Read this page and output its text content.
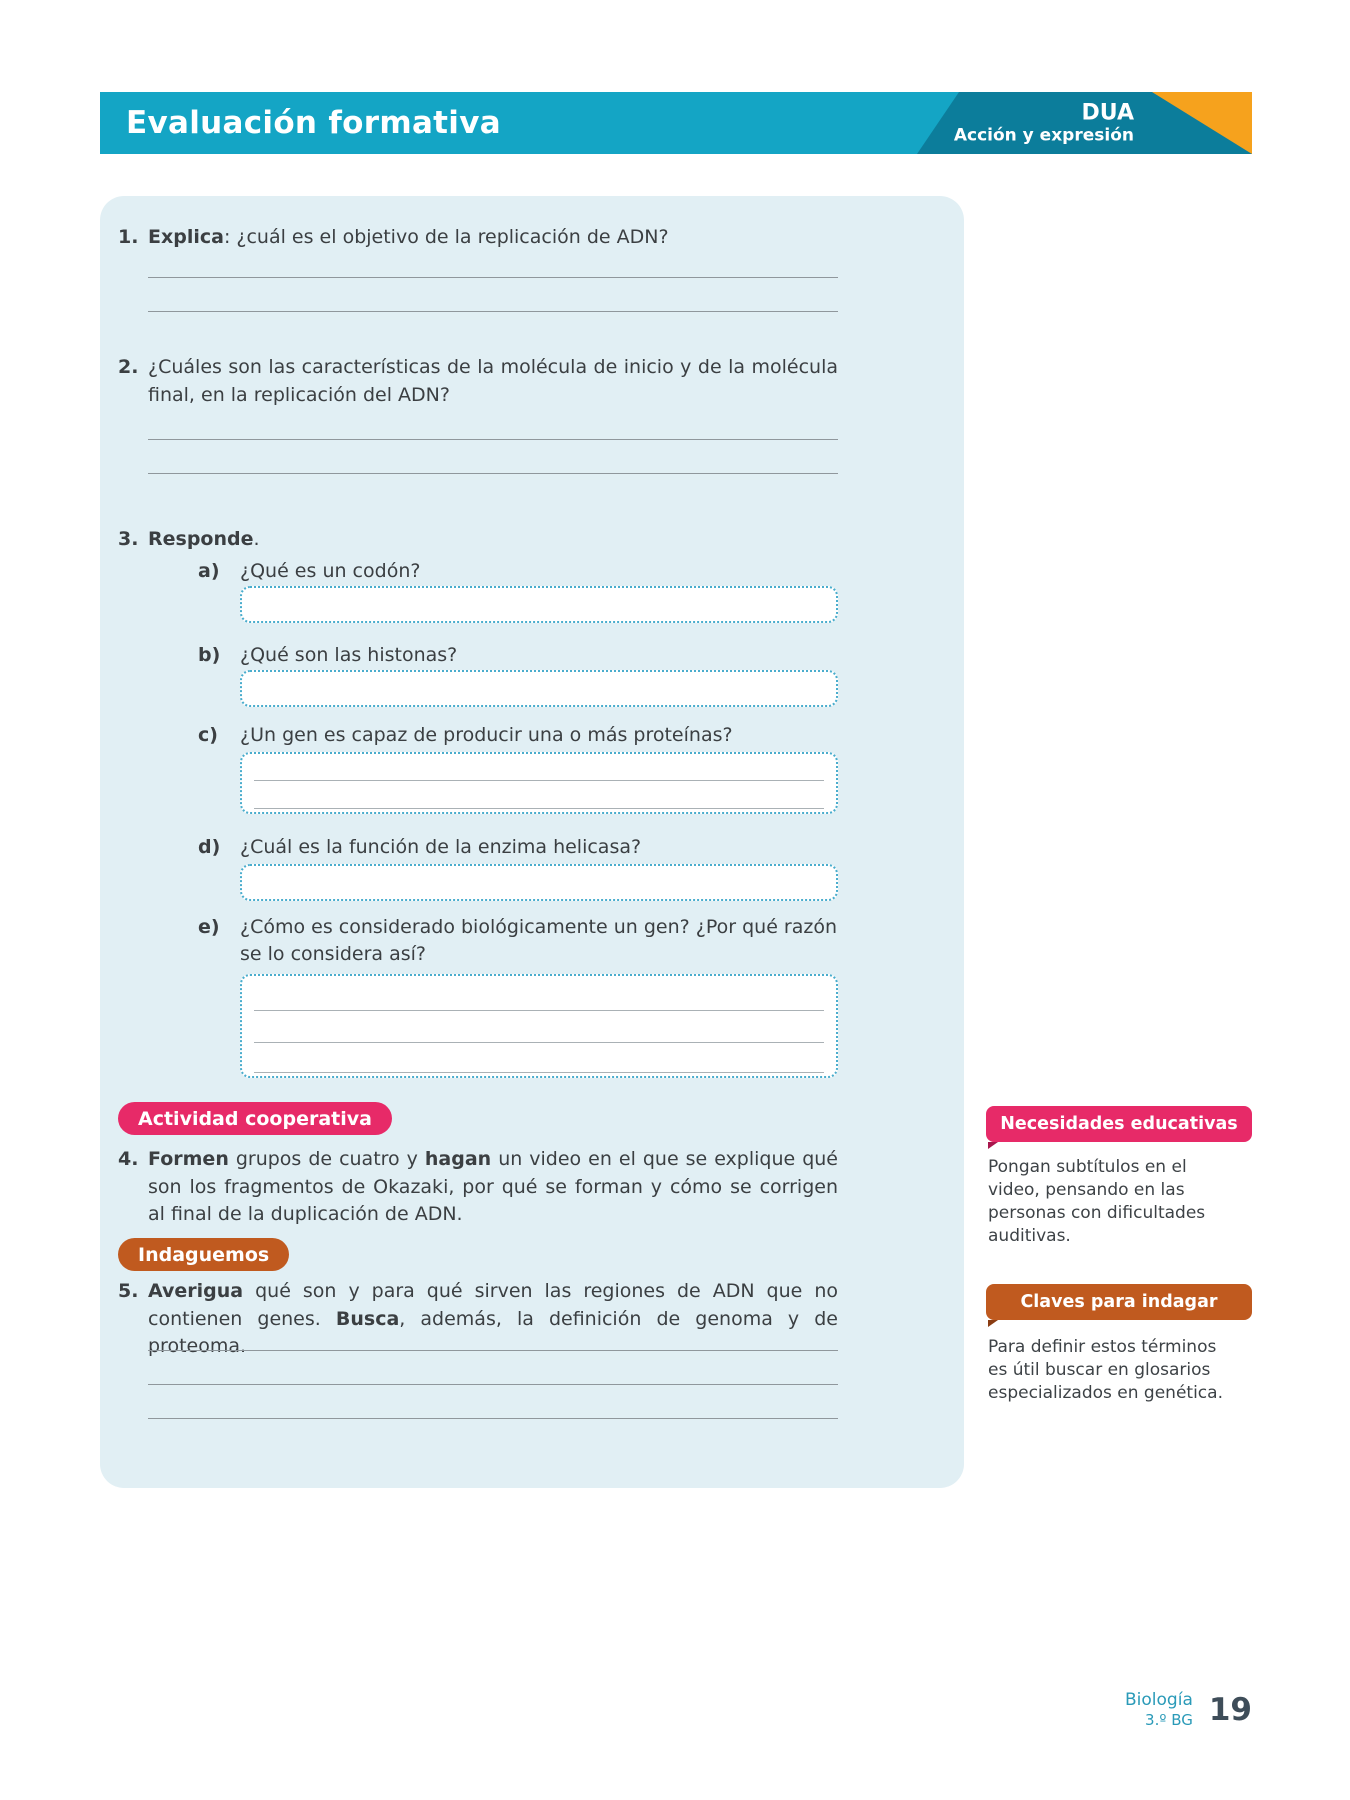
Evaluación formativa	DUA
Acción y expresión
1. Explica: ¿cuál es el objetivo de la replicación de ADN?

2. ¿Cuáles son las características de la molécula de inicio y de la molécula final, en la replicación del ADN?

3. Responde.

a)	¿Qué es un codón?

b)	¿Qué son las histonas?

c)	¿Un gen es capaz de producir una o más proteínas?

d)	¿Cuál es la función de la enzima helicasa?

e)	¿Cómo es considerado biológicamente un gen? ¿Por qué razón se lo considera así?

Actividad cooperativa
4. Formen grupos de cuatro y hagan un video en el que se explique qué son los fragmentos de Okazaki, por qué se forman y cómo se corrigen al final de la duplicación de ADN.

Indaguemos
5. Averigua qué son y para qué sirven las regiones de ADN que no contienen genes. Busca, además, la definición de genoma y de proteoma.

Necesidades educativas

Pongan subtítulos en el video, pensando en las personas con dificultades auditivas.

Claves para indagar

Para definir estos términos es útil buscar en glosarios especializados en genética.

Biología
3.º BG 19
